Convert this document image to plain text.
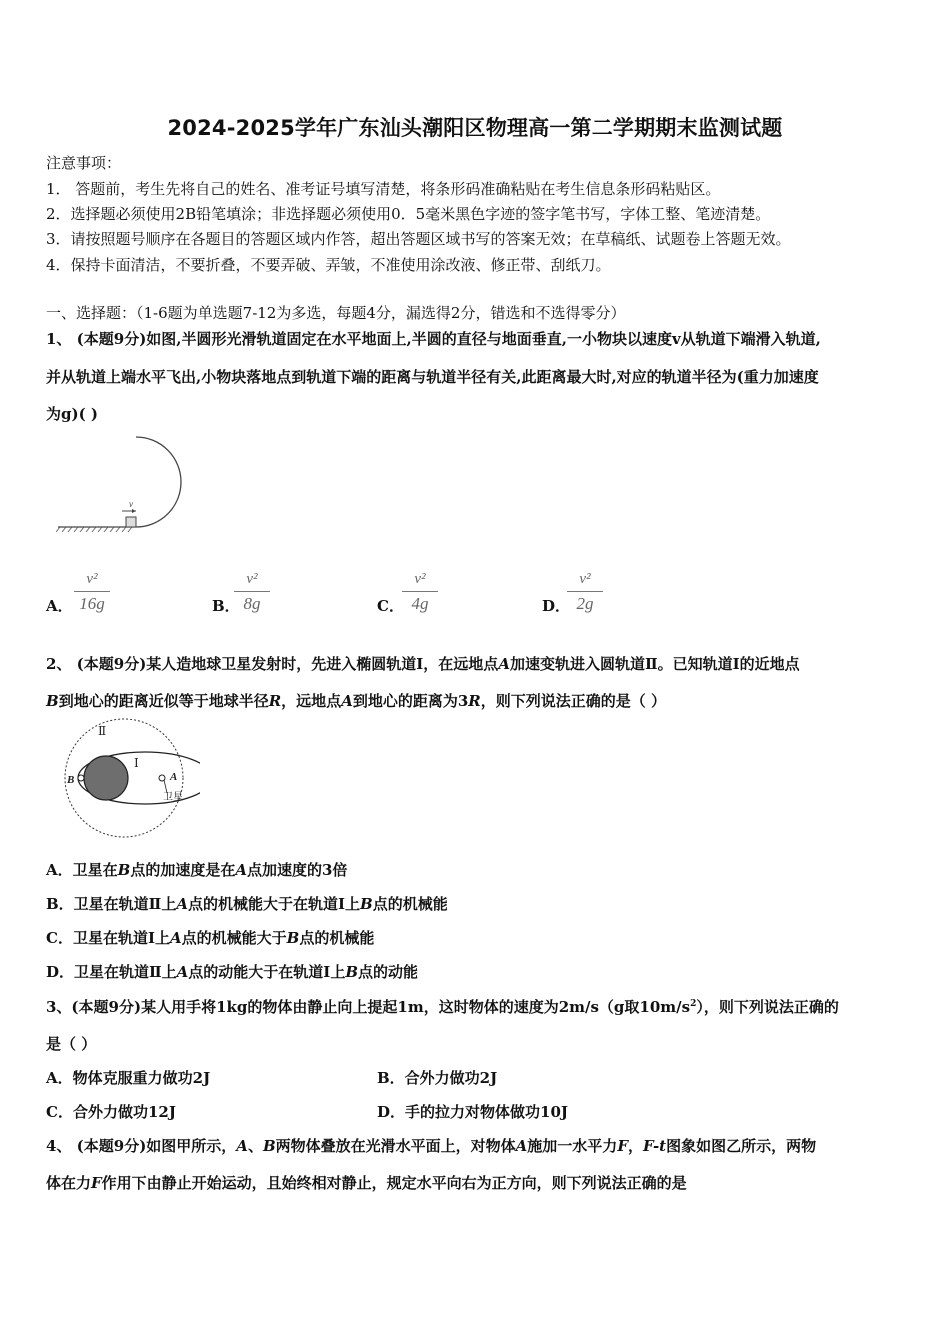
2024-2025学年广东汕头潮阳区物理高一第二学期期末监测试题
注意事项：
1． 答题前，考生先将自己的姓名、准考证号填写清楚，将条形码准确粘贴在考生信息条形码粘贴区。
2．选择题必须使用2B铅笔填涂；非选择题必须使用0．5毫米黑色字迹的签字笔书写，字体工整、笔迹清楚。
3．请按照题号顺序在各题目的答题区域内作答，超出答题区域书写的答案无效；在草稿纸、试题卷上答题无效。
4．保持卡面清洁，不要折叠，不要弄破、弄皱，不准使用涂改液、修正带、刮纸刀。
一、选择题：（1-6题为单选题7-12为多选，每题4分，漏选得2分，错选和不选得零分）
1、 (本题9分)如图,半圆形光滑轨道固定在水平地面上,半圆的直径与地面垂直,一小物块以速度v从轨道下端滑入轨道,
并从轨道上端水平飞出,小物块落地点到轨道下端的距离与轨道半径有关,此距离最大时,对应的轨道半径为(重力加速度
为g)( )
v
A．
v²
16g	B．
v²
8g	C．
v²
4g	D．
v²
2g
2、 (本题9分)某人造地球卫星发射时，先进入椭圆轨道Ⅰ，在远地点A加速变轨进入圆轨道Ⅱ。已知轨道Ⅰ的近地点
B到地心的距离近似等于地球半径R，远地点A到地心的距离为3R，则下列说法正确的是（ ）
Ⅱ
Ⅰ
B	A
卫星
A．卫星在B点的加速度是在A点加速度的3倍
B．卫星在轨道Ⅱ上A点的机械能大于在轨道Ⅰ上B点的机械能
C．卫星在轨道Ⅰ上A点的机械能大于B点的机械能
D．卫星在轨道Ⅱ上A点的动能大于在轨道Ⅰ上B点的动能
3、(本题9分)某人用手将1kg的物体由静止向上提起1m，这时物体的速度为2m/s（g取$10m/s^2$），则下列说法正确的
是（ ）
A．物体克服重力做功2J	B．合外力做功2J
C．合外力做功12J	D．手的拉力对物体做功10J
4、 (本题9分)如图甲所示，A、B两物体叠放在光滑水平面上，对物体A施加一水平力F，F-t图象如图乙所示，两物
体在力F作用下由静止开始运动，且始终相对静止，规定水平向右为正方向，则下列说法正确的是
